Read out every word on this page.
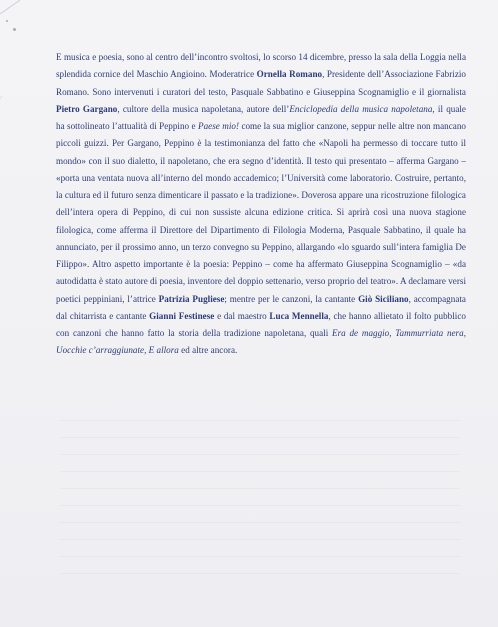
E musica e poesia, sono al centro dell’incontro svoltosi, lo scorso 14 dicembre, presso la sala della Loggia nella splendida cornice del Maschio Angioino. Moderatrice Ornella Romano, Presidente dell’Associazione Fabrizio Romano. Sono intervenuti i curatori del testo, Pasquale Sabbatino e Giuseppina Scognamiglio e il giornalista Pietro Gargano, cultore della musica napoletana, autore dell’Enciclopedia della musica napoletana, il quale ha sottolineato l’attualità di Peppino e Paese mio! come la sua miglior canzone, seppur nelle altre non mancano piccoli guizzi. Per Gargano, Peppino è la testimonianza del fatto che «Napoli ha permesso di toccare tutto il mondo» con il suo dialetto, il napoletano, che era segno d’identità. Il testo qui presentato – afferma Gargano – «porta una ventata nuova all’interno del mondo accademico; l’Università come laboratorio. Costruire, pertanto, la cultura ed il futuro senza dimenticare il passato e la tradizione». Doverosa appare una ricostruzione filologica dell’intera opera di Peppino, di cui non sussiste alcuna edizione critica. Si aprirà così una nuova stagione filologica, come afferma il Direttore del Dipartimento di Filologia Moderna, Pasquale Sabbatino, il quale ha annunciato, per il prossimo anno, un terzo convegno su Peppino, allargando «lo sguardo sull’intera famiglia De Filippo». Altro aspetto importante è la poesia: Peppino – come ha affermato Giuseppina Scognamiglio – «da autodidatta è stato autore di poesia, inventore del doppio settenario, verso proprio del teatro». A declamare versi poetici peppiniani, l’attrice Patrizia Pugliese; mentre per le canzoni, la cantante Giò Siciliano, accompagnata dal chitarrista e cantante Gianni Festinese e dal maestro Luca Mennella, che hanno allietato il folto pubblico con canzoni che hanno fatto la storia della tradizione napoletana, quali Era de maggio, Tammurriata nera, Uocchie c’arraggiunate, E allora ed altre ancora.
